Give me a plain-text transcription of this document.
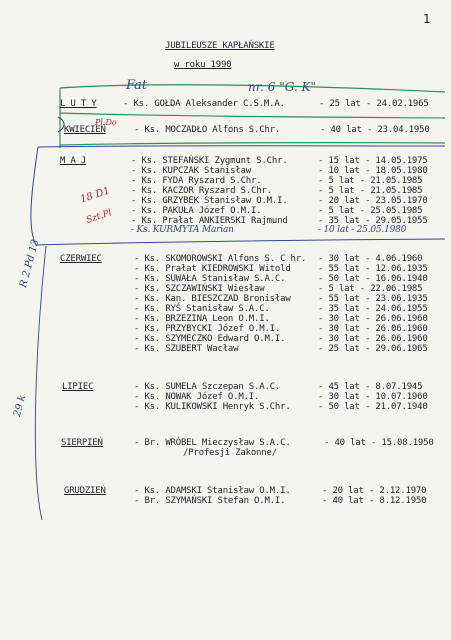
1
JUBILEUSZE KAPŁAŃSKIE
w roku 1990
Fat	nr. 6 "G. K"
Pl.Do
18 D1
Szt.Pl
R 2 Pd 13
29 k
L U T Y	- Ks. GOŁDA Aleksander C.S.M.A.	- 25 lat - 24.02.1965
KWIECIEŃ	- Ks. MOCZADŁO Alfons S.Chr.	- 40 lat - 23.04.1950
M A J	- Ks. STEFAŃSKI Zygmunt S.Chr.	- 15 lat - 14.05.1975
- Ks. KUPCZAK Stanisław	- 10 lat - 18.05.1980
- Ks. FYDA Ryszard S.Chr.	- 5 lat - 21.05.1985
- Ks. KACZOR Ryszard S.Chr.	- 5 lat - 21.05.1985
- Ks. GRZYBEK Stanisław O.M.I.	- 20 lat - 23.05.1970
- Ks. PAKUŁA Józef O.M.I.	- 5 lat - 25.05.1985
- Ks. Prałat ANKIERSKI Rajmund	- 35 lat - 29.05.1955
- Ks. KURMYTA Marian	- 10 lat - 25.05.1980
CZERWIEC	- Ks. SKOMOROWSKI Alfons S. C hr. - 30 lat - 4.06.1960
- Ks. Prałat KIEDROWSKI Witold	- 55 lat - 12.06.1935
- Ks. SUWAŁA Stanisław S.A.C.	- 50 lat - 16.06.1940
- Ks. SZCZAWIŃSKI Wiesław	- 5 lat - 22.06.1985
- Ks. Kan. BIESZCZAD Bronisław	- 55 lat - 23.06.1935
- Ks. RYŚ Stanisław S.A.C.	- 35 lat - 24.06.1955
- Ks. BRZEZINA Leon O.M.I.	- 30 lat - 26.06.1960
- Ks. PRZYBYCKI Józef O.M.I.	- 30 lat - 26.06.1960
- Ks. SZYMECZKO Edward O.M.I.	- 30 lat - 26.06.1960
- Ks. SZUBERT Wacław	- 25 lat - 29.06.1965
LIPIEC	- Ks. SUMELA Szczepan S.A.C.	- 45 lat - 8.07.1945
- Ks. NOWAK Józef O.M.I.	- 30 lat - 10.07.1960
- Ks. KULIKOWSKI Henryk S.Chr.	- 50 lat - 21.07.1940
SIERPIEŃ	- Br. WRÓBEL Mieczysław S.A.C.
/Profesji Zakonne/
- 40 lat - 15.08.1950
GRUDZIEŃ	- Ks. ADAMSKI Stanisław O.M.I.	- 20 lat - 2.12.1970
- Br. SZYMAŃSKI Stefan O.M.I.	- 40 lat - 8.12.1950
